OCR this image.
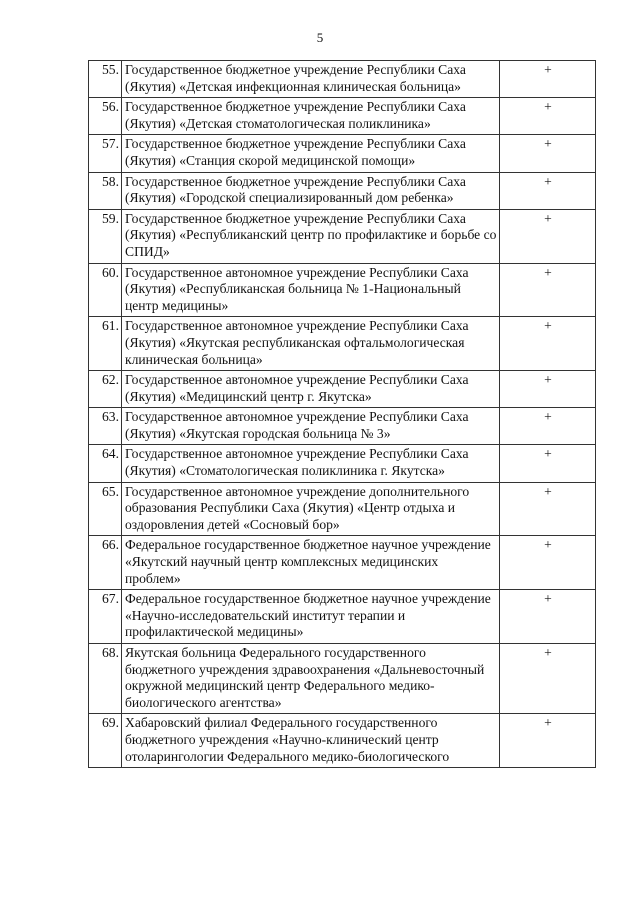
5
55.	Государственное бюджетное учреждение Республики Саха (Якутия) «Детская инфекционная клиническая больница»	+
56.	Государственное бюджетное учреждение Республики Саха (Якутия) «Детская стоматологическая поликлиника»	+
57.	Государственное бюджетное учреждение Республики Саха (Якутия) «Станция скорой медицинской помощи»	+
58.	Государственное бюджетное учреждение Республики Саха (Якутия) «Городской специализированный дом ребенка»	+
59.	Государственное бюджетное учреждение Республики Саха (Якутия) «Республиканский центр по профилактике и борьбе со СПИД»	+
60.	Государственное автономное учреждение Республики Саха (Якутия) «Республиканская больница № 1-Национальный центр медицины»	+
61.	Государственное автономное учреждение Республики Саха (Якутия) «Якутская республиканская офтальмологическая клиническая больница»	+
62.	Государственное автономное учреждение Республики Саха (Якутия) «Медицинский центр г. Якутска»	+
63.	Государственное автономное учреждение Республики Саха (Якутия) «Якутская городская больница № 3»	+
64.	Государственное автономное учреждение Республики Саха (Якутия) «Стоматологическая поликлиника г. Якутска»	+
65.	Государственное автономное учреждение дополнительного образования Республики Саха (Якутия) «Центр отдыха и оздоровления детей «Сосновый бор»	+
66.	Федеральное государственное бюджетное научное учреждение «Якутский научный центр комплексных медицинских проблем»	+
67.	Федеральное государственное бюджетное научное учреждение «Научно-исследовательский институт терапии и профилактической медицины»	+
68.	Якутская больница Федерального государственного бюджетного учреждения здравоохранения «Дальневосточный окружной медицинский центр Федерального медико-биологического агентства»	+
69.	Хабаровский филиал Федерального государственного бюджетного учреждения «Научно-клинический центр отоларингологии Федерального медико-биологического	+
